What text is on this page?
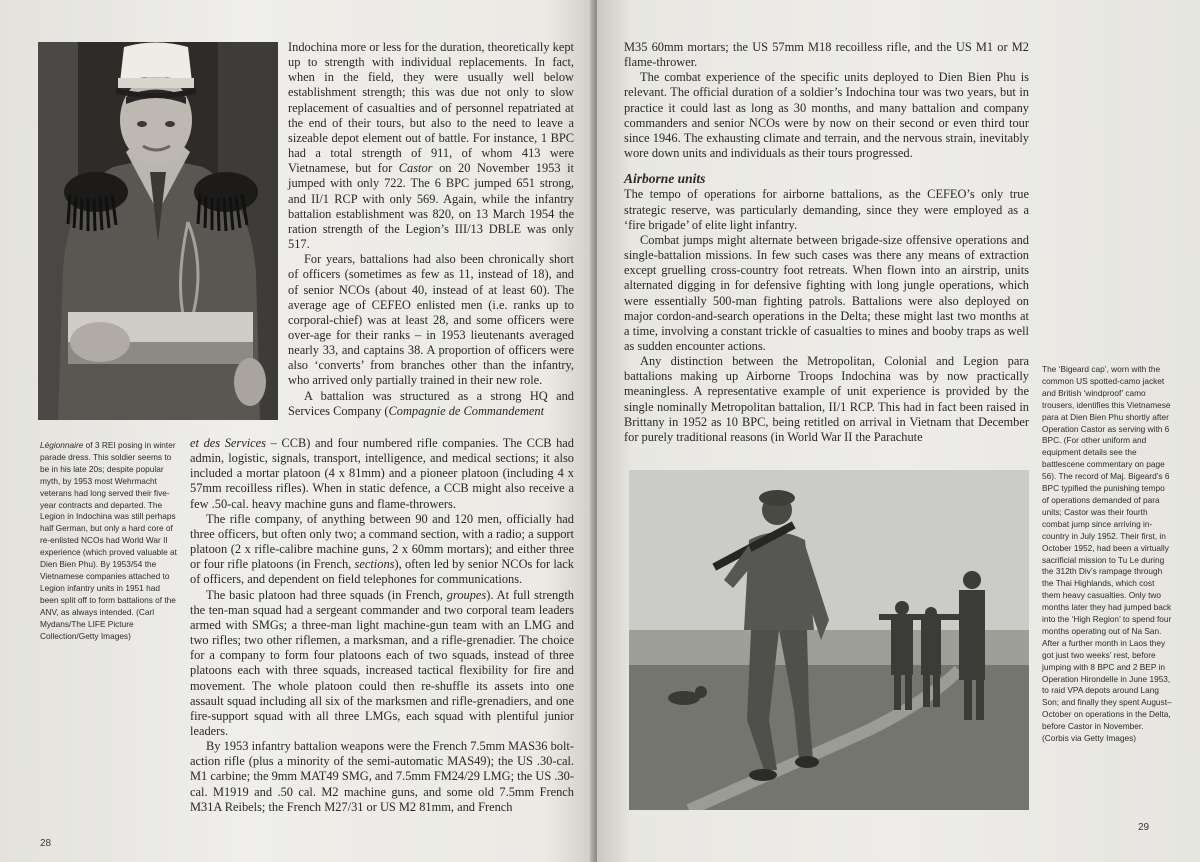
Indochina more or less for the duration, theoretically kept up to strength with individual replacements. In fact, when in the field, they were usually well below establishment strength; this was due not only to slow replacement of casualties and of personnel repatriated at the end of their tours, but also to the need to leave a sizeable depot element out of battle. For instance, 1 BPC had a total strength of 911, of whom 413 were Vietnamese, but for Castor on 20 November 1953 it jumped with only 722. The 6 BPC jumped 651 strong, and II/1 RCP with only 569. Again, while the infantry battalion establishment was 820, on 13 March 1954 the ration strength of the Legion’s III/13 DBLE was only 517.

For years, battalions had also been chronically short of officers (sometimes as few as 11, instead of 18), and of senior NCOs (about 40, instead of at least 60). The average age of CEFEO enlisted men (i.e. ranks up to corporal-chief) was at least 28, and some officers were over-age for their ranks – in 1953 lieutenants averaged nearly 33, and captains 38. A proportion of officers were also ‘converts’ from branches other than the infantry, who arrived only partially trained in their new role.

A battalion was structured as a strong HQ and Services Company (Compagnie de Commandement

Légionnaire of 3 REI posing in winter parade dress. This soldier seems to be in his late 20s; despite popular myth, by 1953 most Wehrmacht veterans had long served their five-year contracts and departed. The Legion in Indochina was still perhaps half German, but only a hard core of re-enlisted NCOs had World War II experience (which proved valuable at Dien Bien Phu). By 1953/54 the Vietnamese companies attached to Legion infantry units in 1951 had been split off to form battalions of the ANV, as always intended. (Carl Mydans/The LIFE Picture Collection/Getty Images)

et des Services – CCB) and four numbered rifle companies. The CCB had admin, logistic, signals, transport, intelligence, and medical sections; it also included a mortar platoon (4 x 81mm) and a pioneer platoon (including 4 x 57mm recoilless rifles). When in static defence, a CCB might also receive a few .50-cal. heavy machine guns and flame-throwers.

The rifle company, of anything between 90 and 120 men, officially had three officers, but often only two; a command section, with a radio; a support platoon (2 x rifle-calibre machine guns, 2 x 60mm mortars); and either three or four rifle platoons (in French, sections), often led by senior NCOs for lack of officers, and dependent on field telephones for communications.

The basic platoon had three squads (in French, groupes). At full strength the ten-man squad had a sergeant commander and two corporal team leaders armed with SMGs; a three-man light machine-gun team with an LMG and two rifles; two other riflemen, a marksman, and a rifle-grenadier. The choice for a company to form four platoons each of two squads, instead of three platoons each with three squads, increased tactical flexibility for fire and movement. The whole platoon could then re-shuffle its assets into one assault squad including all six of the marksmen and rifle-grenadiers, and one fire-support squad with all three LMGs, each squad with plentiful junior leaders.

By 1953 infantry battalion weapons were the French 7.5mm MAS36 bolt-action rifle (plus a minority of the semi-automatic MAS49); the US .30-cal. M1 carbine; the 9mm MAT49 SMG, and 7.5mm FM24/29 LMG; the US .30-cal. M1919 and .50 cal. M2 machine guns, and some old 7.5mm French M31A Reibels; the French M27/31 or US M2 81mm, and French

28

M35 60mm mortars; the US 57mm M18 recoilless rifle, and the US M1 or M2 flame-thrower.

The combat experience of the specific units deployed to Dien Bien Phu is relevant. The official duration of a soldier’s Indochina tour was two years, but in practice it could last as long as 30 months, and many battalion and company commanders and senior NCOs were by now on their second or even third tour since 1946. The exhausting climate and terrain, and the nervous strain, inevitably wore down units and individuals as their tours progressed.

Airborne units

The tempo of operations for airborne battalions, as the CEFEO’s only true strategic reserve, was particularly demanding, since they were employed as a ‘fire brigade’ of elite light infantry.

Combat jumps might alternate between brigade-size offensive operations and single-battalion missions. In few such cases was there any means of extraction except gruelling cross-country foot retreats. When flown into an airstrip, units alternated digging in for defensive fighting with long jungle operations, which were essentially 500-man fighting patrols. Battalions were also deployed on major cordon-and-search operations in the Delta; these might last two months at a time, involving a constant trickle of casualties to mines and booby traps as well as sudden encounter actions.

Any distinction between the Metropolitan, Colonial and Legion para battalions making up Airborne Troops Indochina was by now practically meaningless. A representative example of unit experience is provided by the single nominally Metropolitan battalion, II/1 RCP. This had in fact been raised in Brittany in 1952 as 10 BPC, being retitled on arrival in Vietnam that December for purely traditional reasons (in World War II the Parachute

The ‘Bigeard cap’, worn with the common US spotted-camo jacket and British ‘windproof’ camo trousers, identifies this Vietnamese para at Dien Bien Phu shortly after Operation Castor as serving with 6 BPC. (For other uniform and equipment details see the battlescene commentary on page 56). The record of Maj. Bigeard’s 6 BPC typified the punishing tempo of operations demanded of para units; Castor was their fourth combat jump since arriving in-country in July 1952. Their first, in October 1952, had been a virtually sacrificial mission to Tu Le during the 312th Div’s rampage through the Thai Highlands, which cost them heavy casualties. Only two months later they had jumped back into the ‘High Region’ to spend four months operating out of Na San. After a further month in Laos they got just two weeks’ rest, before jumping with 8 BPC and 2 BEP in Operation Hirondelle in June 1953, to raid VPA depots around Lang Son; and finally they spent August–October on operations in the Delta, before Castor in November. (Corbis via Getty Images)
29
